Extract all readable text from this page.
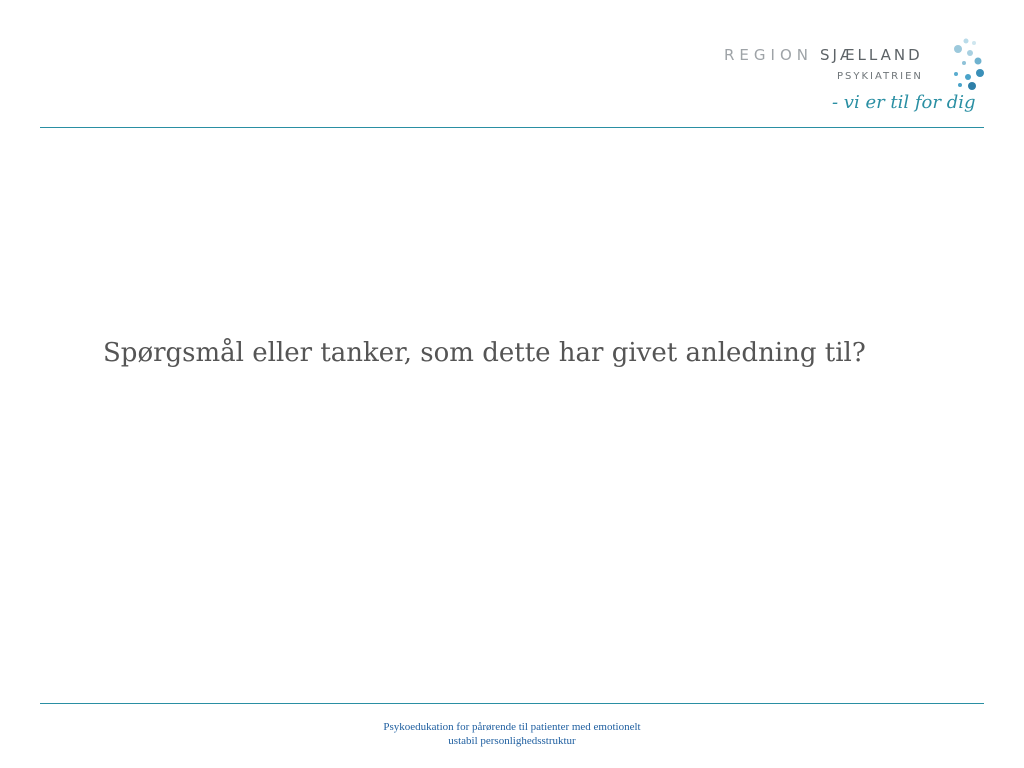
REGION SJÆLLAND
PSYKIATRIEN
- vi er til for dig
Spørgsmål eller tanker, som dette har givet anledning til?
Psykoedukation for pårørende til patienter med emotionelt
ustabil personlighedsstruktur
